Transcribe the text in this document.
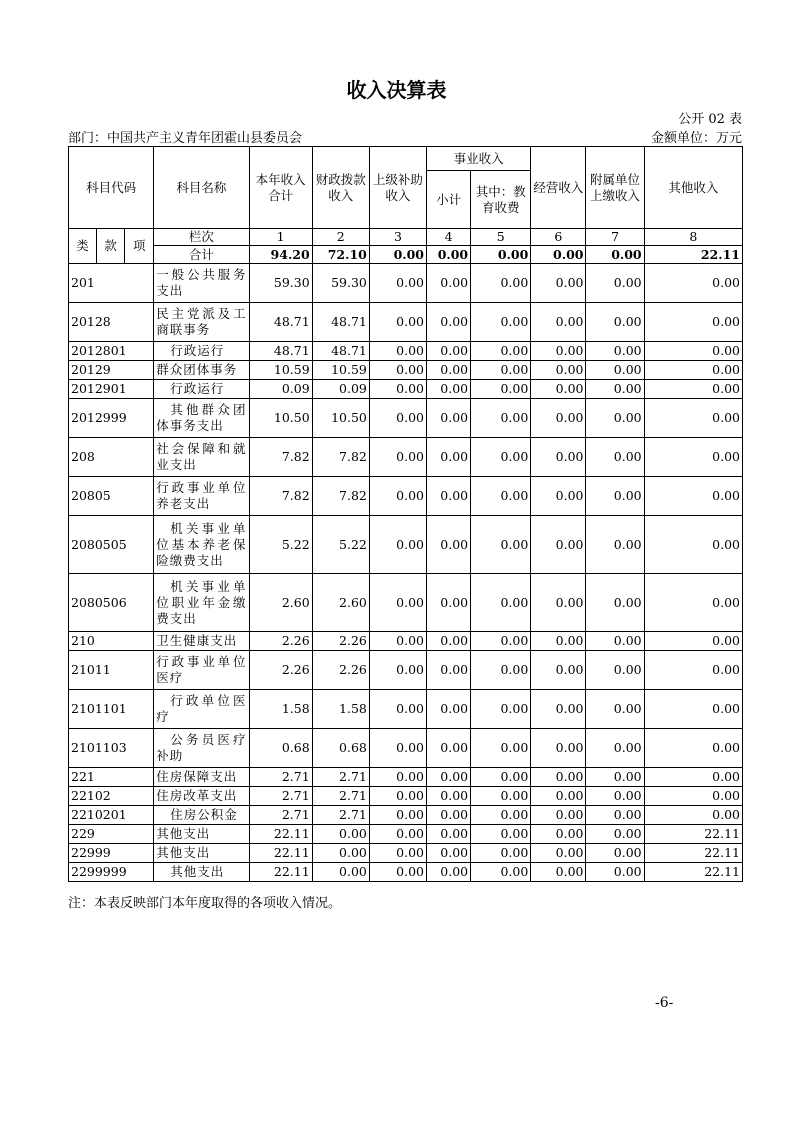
收入决算表
公开 02 表
部门：中国共产主义青年团霍山县委员会	金额单位：万元
科目代码			科目名称	本年收入合计	财政拨款收入	上级补助收入	事业收入		经营收入	附属单位上缴收入	其他收入
							小计	其中：教育收费			
类	款	项	栏次	1	2	3	4	5	6	7	8
			合计	94.20	72.10	0.00	0.00	0.00	0.00	0.00	22.11
201			一般公共服务支出	59.30	59.30	0.00	0.00	0.00	0.00	0.00	0.00
20128			民主党派及工商联事务	48.71	48.71	0.00	0.00	0.00	0.00	0.00	0.00
2012801			行政运行	48.71	48.71	0.00	0.00	0.00	0.00	0.00	0.00
20129			群众团体事务	10.59	10.59	0.00	0.00	0.00	0.00	0.00	0.00
2012901			行政运行	0.09	0.09	0.00	0.00	0.00	0.00	0.00	0.00
2012999			其他群众团体事务支出	10.50	10.50	0.00	0.00	0.00	0.00	0.00	0.00
208			社会保障和就业支出	7.82	7.82	0.00	0.00	0.00	0.00	0.00	0.00
20805			行政事业单位养老支出	7.82	7.82	0.00	0.00	0.00	0.00	0.00	0.00
2080505			机关事业单位基本养老保险缴费支出	5.22	5.22	0.00	0.00	0.00	0.00	0.00	0.00
2080506			机关事业单位职业年金缴费支出	2.60	2.60	0.00	0.00	0.00	0.00	0.00	0.00
210			卫生健康支出	2.26	2.26	0.00	0.00	0.00	0.00	0.00	0.00
21011			行政事业单位医疗	2.26	2.26	0.00	0.00	0.00	0.00	0.00	0.00
2101101			行政单位医疗	1.58	1.58	0.00	0.00	0.00	0.00	0.00	0.00
2101103			公务员医疗补助	0.68	0.68	0.00	0.00	0.00	0.00	0.00	0.00
221			住房保障支出	2.71	2.71	0.00	0.00	0.00	0.00	0.00	0.00
22102			住房改革支出	2.71	2.71	0.00	0.00	0.00	0.00	0.00	0.00
2210201			住房公积金	2.71	2.71	0.00	0.00	0.00	0.00	0.00	0.00
229			其他支出	22.11	0.00	0.00	0.00	0.00	0.00	0.00	22.11
22999			其他支出	22.11	0.00	0.00	0.00	0.00	0.00	0.00	22.11
2299999			其他支出	22.11	0.00	0.00	0.00	0.00	0.00	0.00	22.11
注：本表反映部门本年度取得的各项收入情况。
-6-
